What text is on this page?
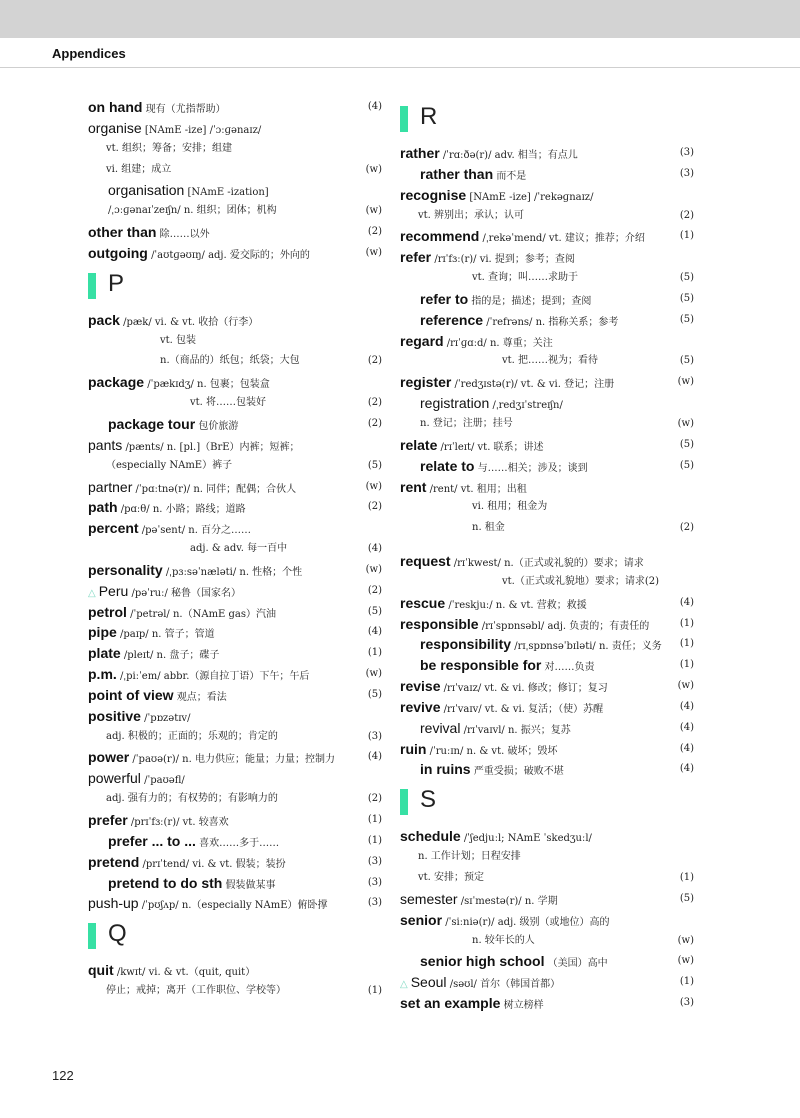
Appendices
on hand 现有（尤指帮助）	(4)
organise [NAmE -ize] /ˈɔːɡənaɪz/
vt. 组织；筹备；安排；组建
vi. 组建；成立	(w)
organisation [NAmE -ization]
/ˌɔːɡənaɪˈzeɪʃn/ n. 组织；团体；机构	(w)
other than 除……以外	(2)
outgoing /ˈaʊtɡəʊɪŋ/ adj. 爱交际的；外向的	(w)
P
pack /pæk/ vi. & vt. 收拾（行李）
vt. 包装
n.（商品的）纸包；纸袋；大包	(2)
package /ˈpækɪdʒ/ n. 包裹；包装盒
vt. 将……包装好	(2)
package tour 包价旅游	(2)
pants /pænts/ n. [pl.]（BrE）内裤；短裤；
（especially NAmE）裤子	(5)
partner /ˈpɑːtnə(r)/ n. 同伴；配偶；合伙人	(w)
path /pɑːθ/ n. 小路；路线；道路	(2)
percent /pəˈsent/ n. 百分之……
adj. & adv. 每一百中	(4)
personality /ˌpɜːsəˈnæləti/ n. 性格；个性	(w)
△ Peru /pəˈruː/ 秘鲁（国家名）	(2)
petrol /ˈpetrəl/ n.（NAmE gas）汽油	(5)
pipe /paɪp/ n. 管子；管道	(4)
plate /pleɪt/ n. 盘子；碟子	(1)
p.m. /ˌpiːˈem/ abbr.（源自拉丁语）下午；午后	(w)
point of view 观点；看法	(5)
positive /ˈpɒzətɪv/
adj. 积极的；正面的；乐观的；肯定的	(3)
power /ˈpaʊə(r)/ n. 电力供应；能量；力量；控制力	(4)
powerful /ˈpaʊəfl/
adj. 强有力的；有权势的；有影响力的	(2)
prefer /prɪˈfɜː(r)/ vt. 较喜欢	(1)
prefer ... to ... 喜欢……多于……	(1)
pretend /prɪˈtend/ vi. & vt. 假装；装扮	(3)
pretend to do sth 假装做某事	(3)
push-up /ˈpʊʃʌp/ n.（especially NAmE）俯卧撑	(3)
Q
quit /kwɪt/ vi. & vt.（quit, quit）
停止；戒掉；离开（工作职位、学校等）	(1)
R
rather /ˈrɑːðə(r)/ adv. 相当；有点儿	(3)
rather than 而不是	(3)
recognise [NAmE -ize] /ˈrekəɡnaɪz/
vt. 辨别出；承认；认可	(2)
recommend /ˌrekəˈmend/ vt. 建议；推荐；介绍	(1)
refer /rɪˈfɜː(r)/ vi. 提到；参考；查阅
vt. 查询；叫……求助于	(5)
refer to 指的是；描述；提到；查阅	(5)
reference /ˈrefrəns/ n. 指称关系；参考	(5)
regard /rɪˈɡɑːd/ n. 尊重；关注
vt. 把……视为；看待	(5)
register /ˈredʒɪstə(r)/ vt. & vi. 登记；注册	(w)
registration /ˌredʒɪˈstreɪʃn/
n. 登记；注册；挂号	(w)
relate /rɪˈleɪt/ vt. 联系；讲述	(5)
relate to 与……相关；涉及；谈到	(5)
rent /rent/ vt. 租用；出租
vi. 租用；租金为
n. 租金	(2)
request /rɪˈkwest/ n.（正式或礼貌的）要求；请求
vt.（正式或礼貌地）要求；请求(2)
rescue /ˈreskjuː/ n. & vt. 营救；救援	(4)
responsible /rɪˈspɒnsəbl/ adj. 负责的；有责任的	(1)
responsibility /rɪˌspɒnsəˈbɪləti/ n. 责任；义务 (1)
be responsible for 对……负责	(1)
revise /rɪˈvaɪz/ vt. & vi. 修改；修订；复习	(w)
revive /rɪˈvaɪv/ vt. & vi. 复活；（使）苏醒	(4)
revival /rɪˈvaɪvl/ n. 振兴；复苏	(4)
ruin /ˈruːɪn/ n. & vt. 破坏；毁坏	(4)
in ruins 严重受损；破败不堪	(4)
S
schedule /ˈʃedjuːl; NAmE ˈskedʒuːl/
n. 工作计划；日程安排
vt. 安排；预定	(1)
semester /sɪˈmestə(r)/ n. 学期	(5)
senior /ˈsiːniə(r)/ adj. 级别（或地位）高的
n. 较年长的人	(w)
senior high school （美国）高中	(w)
△ Seoul /səʊl/ 首尔（韩国首都）	(1)
set an example 树立榜样	(3)
122
